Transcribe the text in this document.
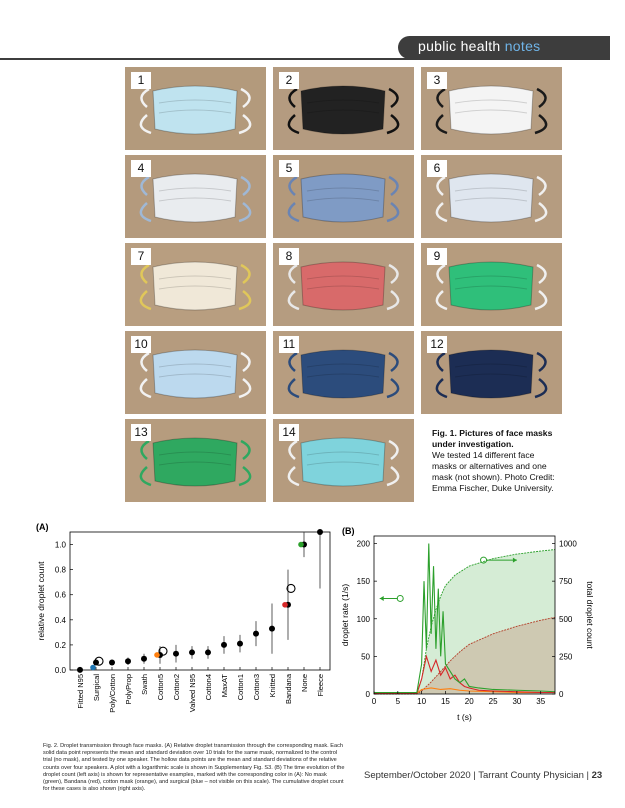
public health notes
1	2	3
4	5	6
7	8	9
10	11	12
13	14	Fig. 1. Pictures of face masks under investigation.
We tested 14 different face masks or alternatives and one mask (not shown). Photo Credit: Emma Fischer, Duke University.
(A)
0.0
0.2
0.4
0.6
0.8
1.0
relative droplet count
Fitted N95 Surgical Poly/Cotton PolyProp Swath Cotton5 Cotton2 Valved N95 Cotton4 MaxAT Cotton1 Cotton3 Knitted Bandana None Fleece
(B)
0
50
100
150
200
0
250
500
750
1000
0 5 10 15 20 25 30 35
t (s)
droplet rate (1/s)	total droplet count
Fig. 2. Droplet transmission through face masks. (A) Relative droplet transmission through the corresponding mask. Each solid data point represents the mean and standard deviation over 10 trials for the same mask, normalized to the control trial (no mask), and tested by one speaker. The hollow data points are the mean and standard deviations of the relative counts over four speakers. A plot with a logarithmic scale is shown in Supplementary Fig. S3. (B) The time evolution of the droplet count (left axis) is shown for representative examples, marked with the corresponding color in (A): No mask (green), Bandana (red), cotton mask (orange), and surgical (blue – not visible on this scale). The cumulative droplet count for these cases is also shown (right axis).
September/October 2020 | Tarrant County Physician | 23
